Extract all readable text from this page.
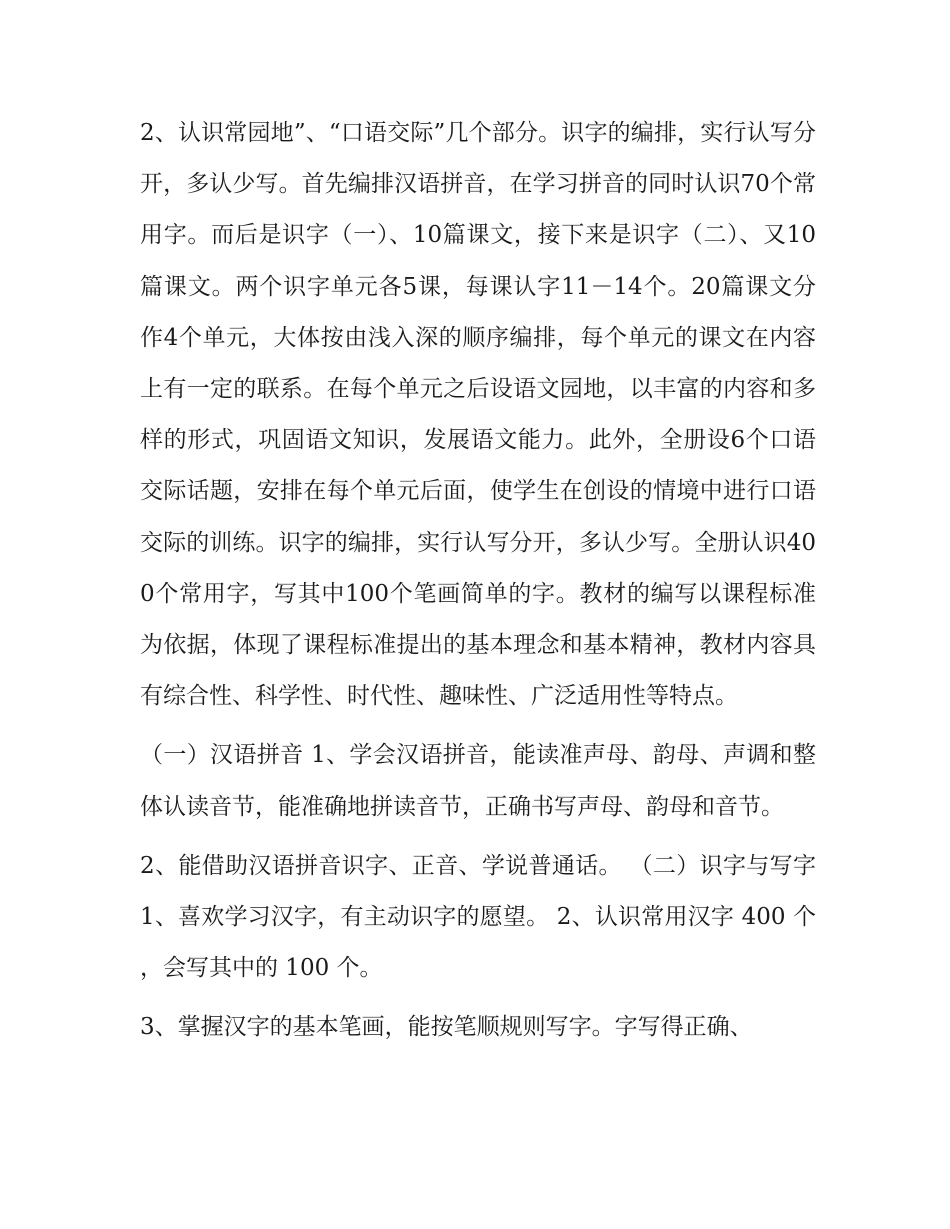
2、认识常园地”、“口语交际”几个部分。识字的编排，实行认写分开，多认少写。首先编排汉语拼音，在学习拼音的同时认识70个常用字。而后是识字（一）、10篇课文，接下来是识字（二）、又10篇课文。两个识字单元各5课，每课认字11－14个。20篇课文分作4个单元，大体按由浅入深的顺序编排，每个单元的课文在内容上有一定的联系。在每个单元之后设语文园地，以丰富的内容和多样的形式，巩固语文知识，发展语文能力。此外，全册设6个口语交际话题，安排在每个单元后面，使学生在创设的情境中进行口语交际的训练。识字的编排，实行认写分开，多认少写。全册认识400个常用字，写其中100个笔画简单的字。教材的编写以课程标准为依据，体现了课程标准提出的基本理念和基本精神，教材内容具有综合性、科学性、时代性、趣味性、广泛适用性等特点。

（一）汉语拼音 1、学会汉语拼音，能读准声母、韵母、声调和整体认读音节，能准确地拼读音节，正确书写声母、韵母和音节。

2、能借助汉语拼音识字、正音、学说普通话。 （二）识字与写字 1、喜欢学习汉字，有主动识字的愿望。 2、认识常用汉字 400 个，会写其中的 100 个。

3、掌握汉字的基本笔画，能按笔顺规则写字。字写得正确、
